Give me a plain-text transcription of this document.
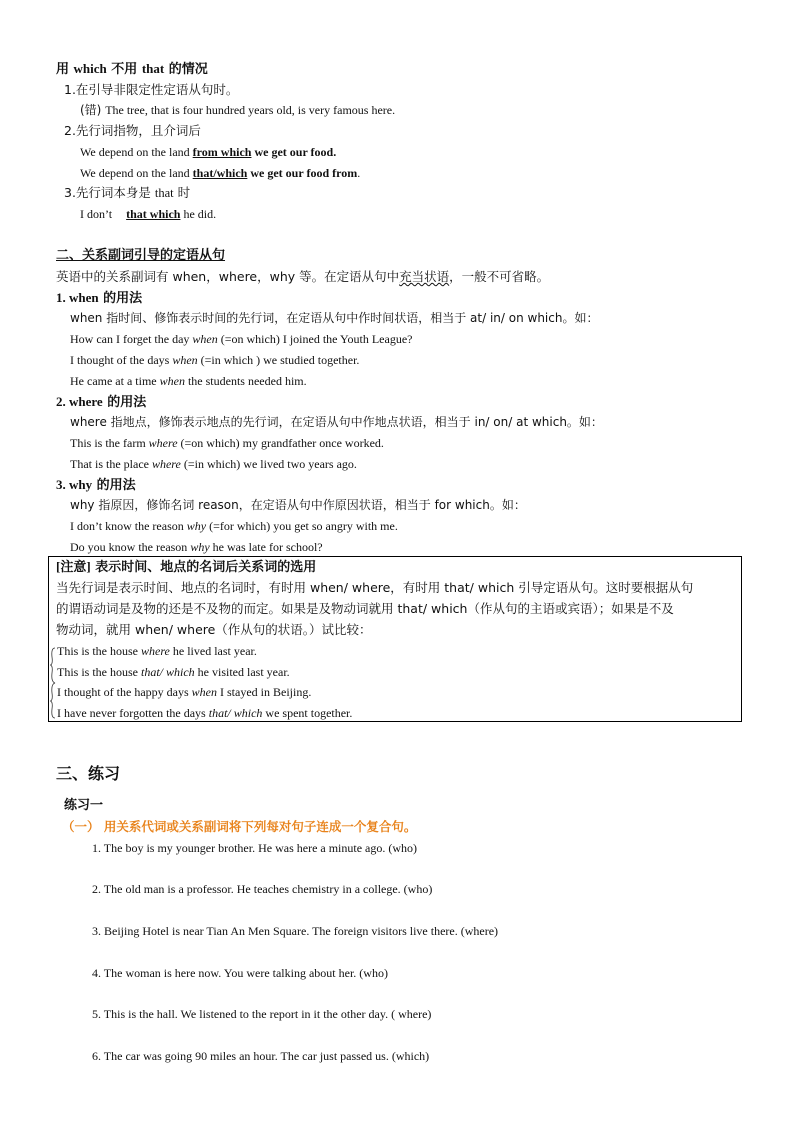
用 which 不用 that 的情况
1.在引导非限定性定语从句时。
(错) The tree, that is four hundred years old, is very famous here.
2.先行词指物，且介词后
We depend on the land from which we get our food.
We depend on the land that/which we get our food from.
3.先行词本身是 that 时
I don’t that which he did.
二、关系副词引导的定语从句
英语中的关系副词有 when，where，why 等。在定语从句中充当状语，一般不可省略。
1. when 的用法
when 指时间、修饰表示时间的先行词，在定语从句中作时间状语，相当于 at/ in/ on which。如：
How can I forget the day when (=on which) I joined the Youth League?
I thought of the days when (=in which ) we studied together.
He came at a time when the students needed him.
2. where 的用法
where 指地点，修饰表示地点的先行词，在定语从句中作地点状语，相当于 in/ on/ at which。如：
This is the farm where (=on which) my grandfather once worked.
That is the place where (=in which) we lived two years ago.
3. why 的用法
why 指原因，修饰名词 reason，在定语从句中作原因状语，相当于 for which。如：
I don’t know the reason why (=for which) you get so angry with me.
Do you know the reason why he was late for school?
[注意] 表示时间、地点的名词后关系词的选用
当先行词是表示时间、地点的名词时，有时用 when/ where，有时用 that/ which 引导定语从句。这时要根据从句
的谓语动词是及物的还是不及物的而定。如果是及物动词就用 that/ which（作从句的主语或宾语）；如果是不及
物动词，就用 when/ where（作从句的状语。）试比较：
This is the house where he lived last year.
This is the house that/ which he visited last year.
I thought of the happy days when I stayed in Beijing.
I have never forgotten the days that/ which we spent together.
三、练习
练习一
（一） 用关系代词或关系副词将下列每对句子连成一个复合句。
1. The boy is my younger brother. He was here a minute ago. (who)
2. The old man is a professor. He teaches chemistry in a college. (who)
3. Beijing Hotel is near Tian An Men Square. The foreign visitors live there. (where)
4. The woman is here now. You were talking about her. (who)
5. This is the hall. We listened to the report in it the other day. ( where)
6. The car was going 90 miles an hour. The car just passed us. (which)
